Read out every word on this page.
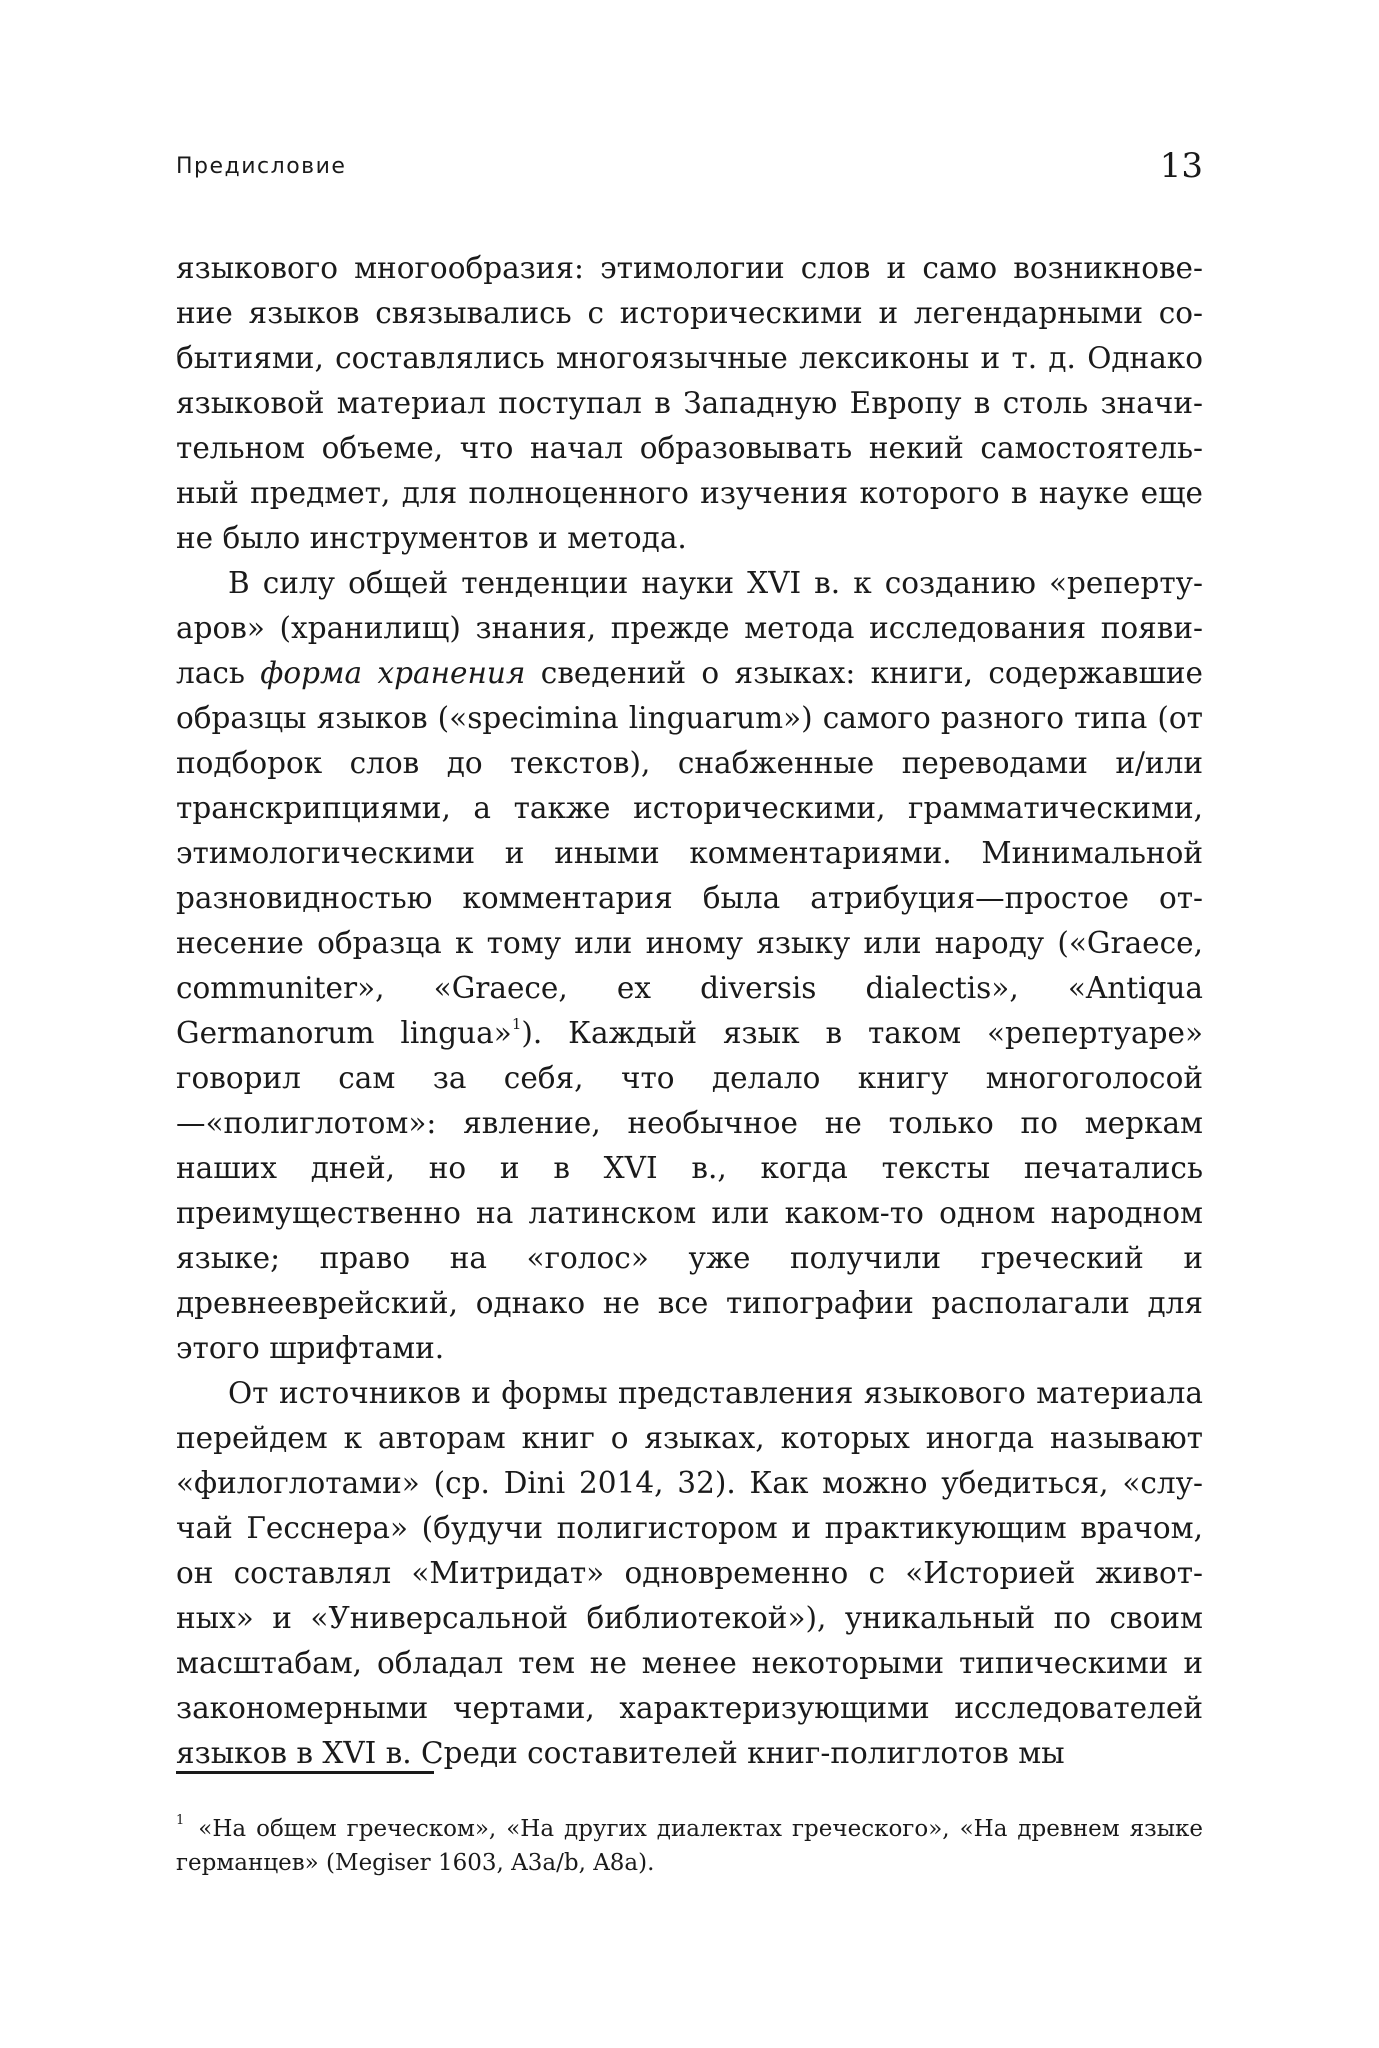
Предисловие	13

языкового многообразия: этимологии слов и само возникновение языков связывались с историческими и легендарными событиями, составлялись многоязычные лексиконы и т. д. Однако языковой материал поступал в Западную Европу в столь значительном объеме, что начал образовывать некий самостоятельный предмет, для полноценного изучения которого в науке еще не было инструментов и метода.

В силу общей тенденции науки XVI в. к созданию «репертуаров» (хранилищ) знания, прежде метода исследования появилась форма хранения сведений о языках: книги, содержавшие образцы языков («specimina linguarum») самого разного типа (от подборок слов до текстов), снабженные переводами и/или транскрипциями, а также историческими, грамматическими, этимологическими и иными комментариями. Минимальной разновидностью комментария была атрибуция—простое отнесение образца к тому или иному языку или народу («Graece, communiter», «Graece, ex diversis dialectis», «Antiqua Germanorum lingua»$^1$). Каждый язык в таком «репертуаре» говорил сам за себя, что делало книгу многоголосой—«полиглотом»: явление, необычное не только по меркам наших дней, но и в XVI в., когда тексты печатались преимущественно на латинском или каком-то одном народном языке; право на «голос» уже получили греческий и древнееврейский, однако не все типографии располагали для этого шрифтами.

От источников и формы представления языкового материала перейдем к авторам книг о языках, которых иногда называют «филоглотами» (ср. Dini 2014, 32). Как можно убедиться, «случай Гесснера» (будучи полигистором и практикующим врачом, он составлял «Митридат» одновременно с «Историей животных» и «Универсальной библиотекой»), уникальный по своим масштабам, обладал тем не менее некоторыми типическими и закономерными чертами, характеризующими исследователей языков в XVI в. Среди составителей книг-полиглотов мы

$^1$ «На общем греческом», «На других диалектах греческого», «На древнем языке германцев» (Megiser 1603, A3a/b, A8a).
